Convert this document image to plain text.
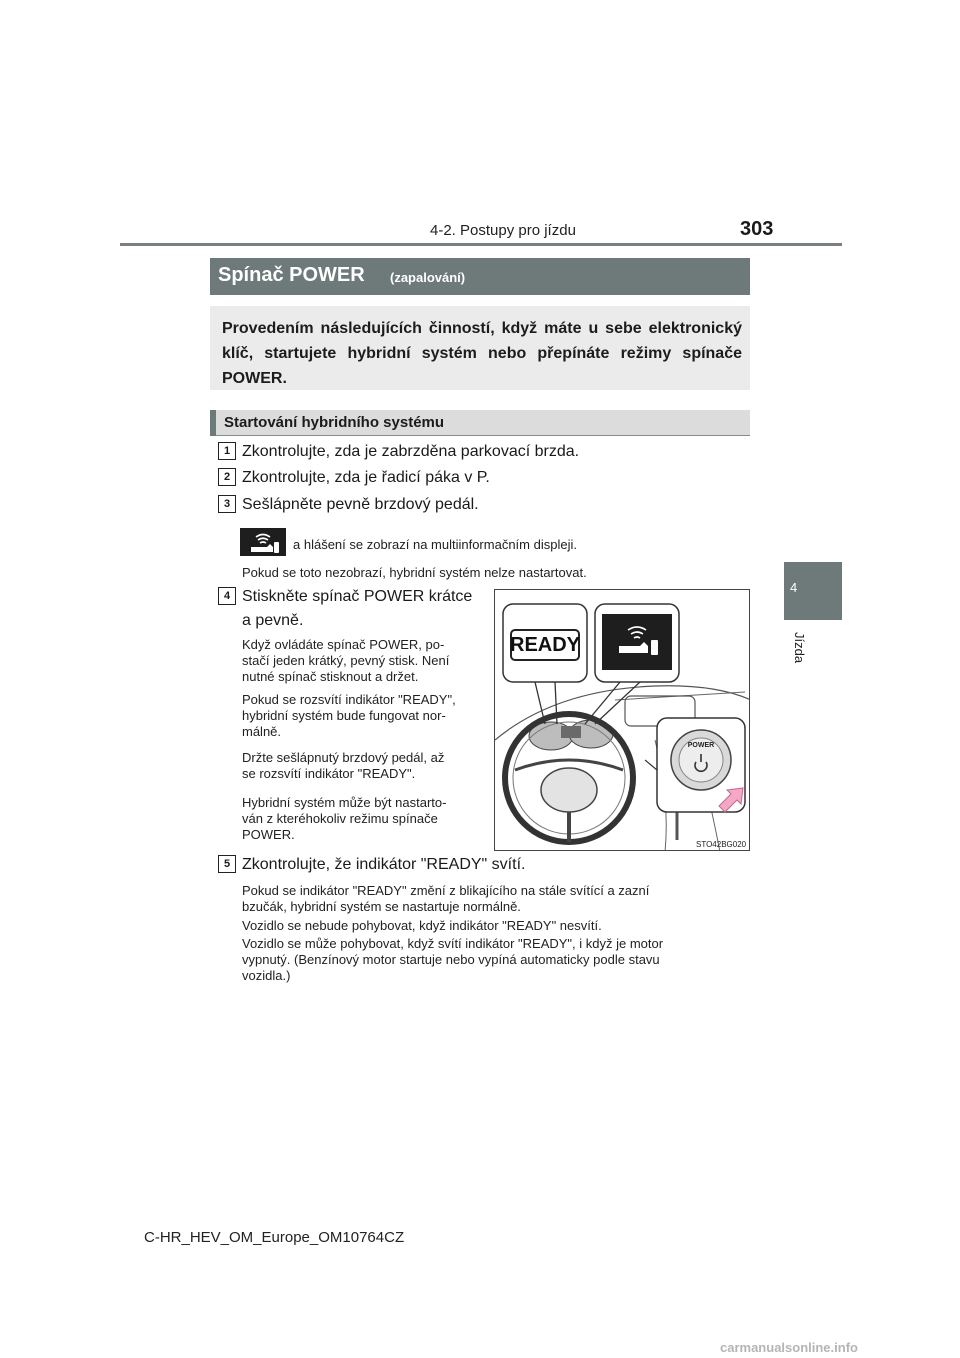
4-2. Postupy pro jízdu	303
4
Jízda
Spínač POWER (zapalování)
Provedením následujících činností, když máte u sebe elektronický klíč, startujete hybridní systém nebo přepínáte režimy spínače POWER.
Startování hybridního systému
1 Zkontrolujte, zda je zabrzděna parkovací brzda.
2 Zkontrolujte, zda je řadicí páka v P.
3 Sešlápněte pevně brzdový pedál.
a hlášení se zobrazí na multiinformačním displeji.
Pokud se toto nezobrazí, hybridní systém nelze nastartovat.
4 Stiskněte spínač POWER krátce
a pevně.
Když ovládáte spínač POWER, po-
stačí jeden krátký, pevný stisk. Není
nutné spínač stisknout a držet.
Pokud se rozsvítí indikátor "READY",
hybridní systém bude fungovat nor-
málně.
Držte sešlápnutý brzdový pedál, až
se rozsvítí indikátor "READY".
Hybridní systém může být nastarto-
ván z kteréhokoliv režimu spínače
POWER.
READY
POWER
STO42BG020
5 Zkontrolujte, že indikátor "READY" svítí.
Pokud se indikátor "READY" změní z blikajícího na stále svítící a zazní
bzučák, hybridní systém se nastartuje normálně.
Vozidlo se nebude pohybovat, když indikátor "READY" nesvítí.
Vozidlo se může pohybovat, když svítí indikátor "READY", i když je motor
vypnutý. (Benzínový motor startuje nebo vypíná automaticky podle stavu
vozidla.)
C-HR_HEV_OM_Europe_OM10764CZ
carmanualsonline.info
